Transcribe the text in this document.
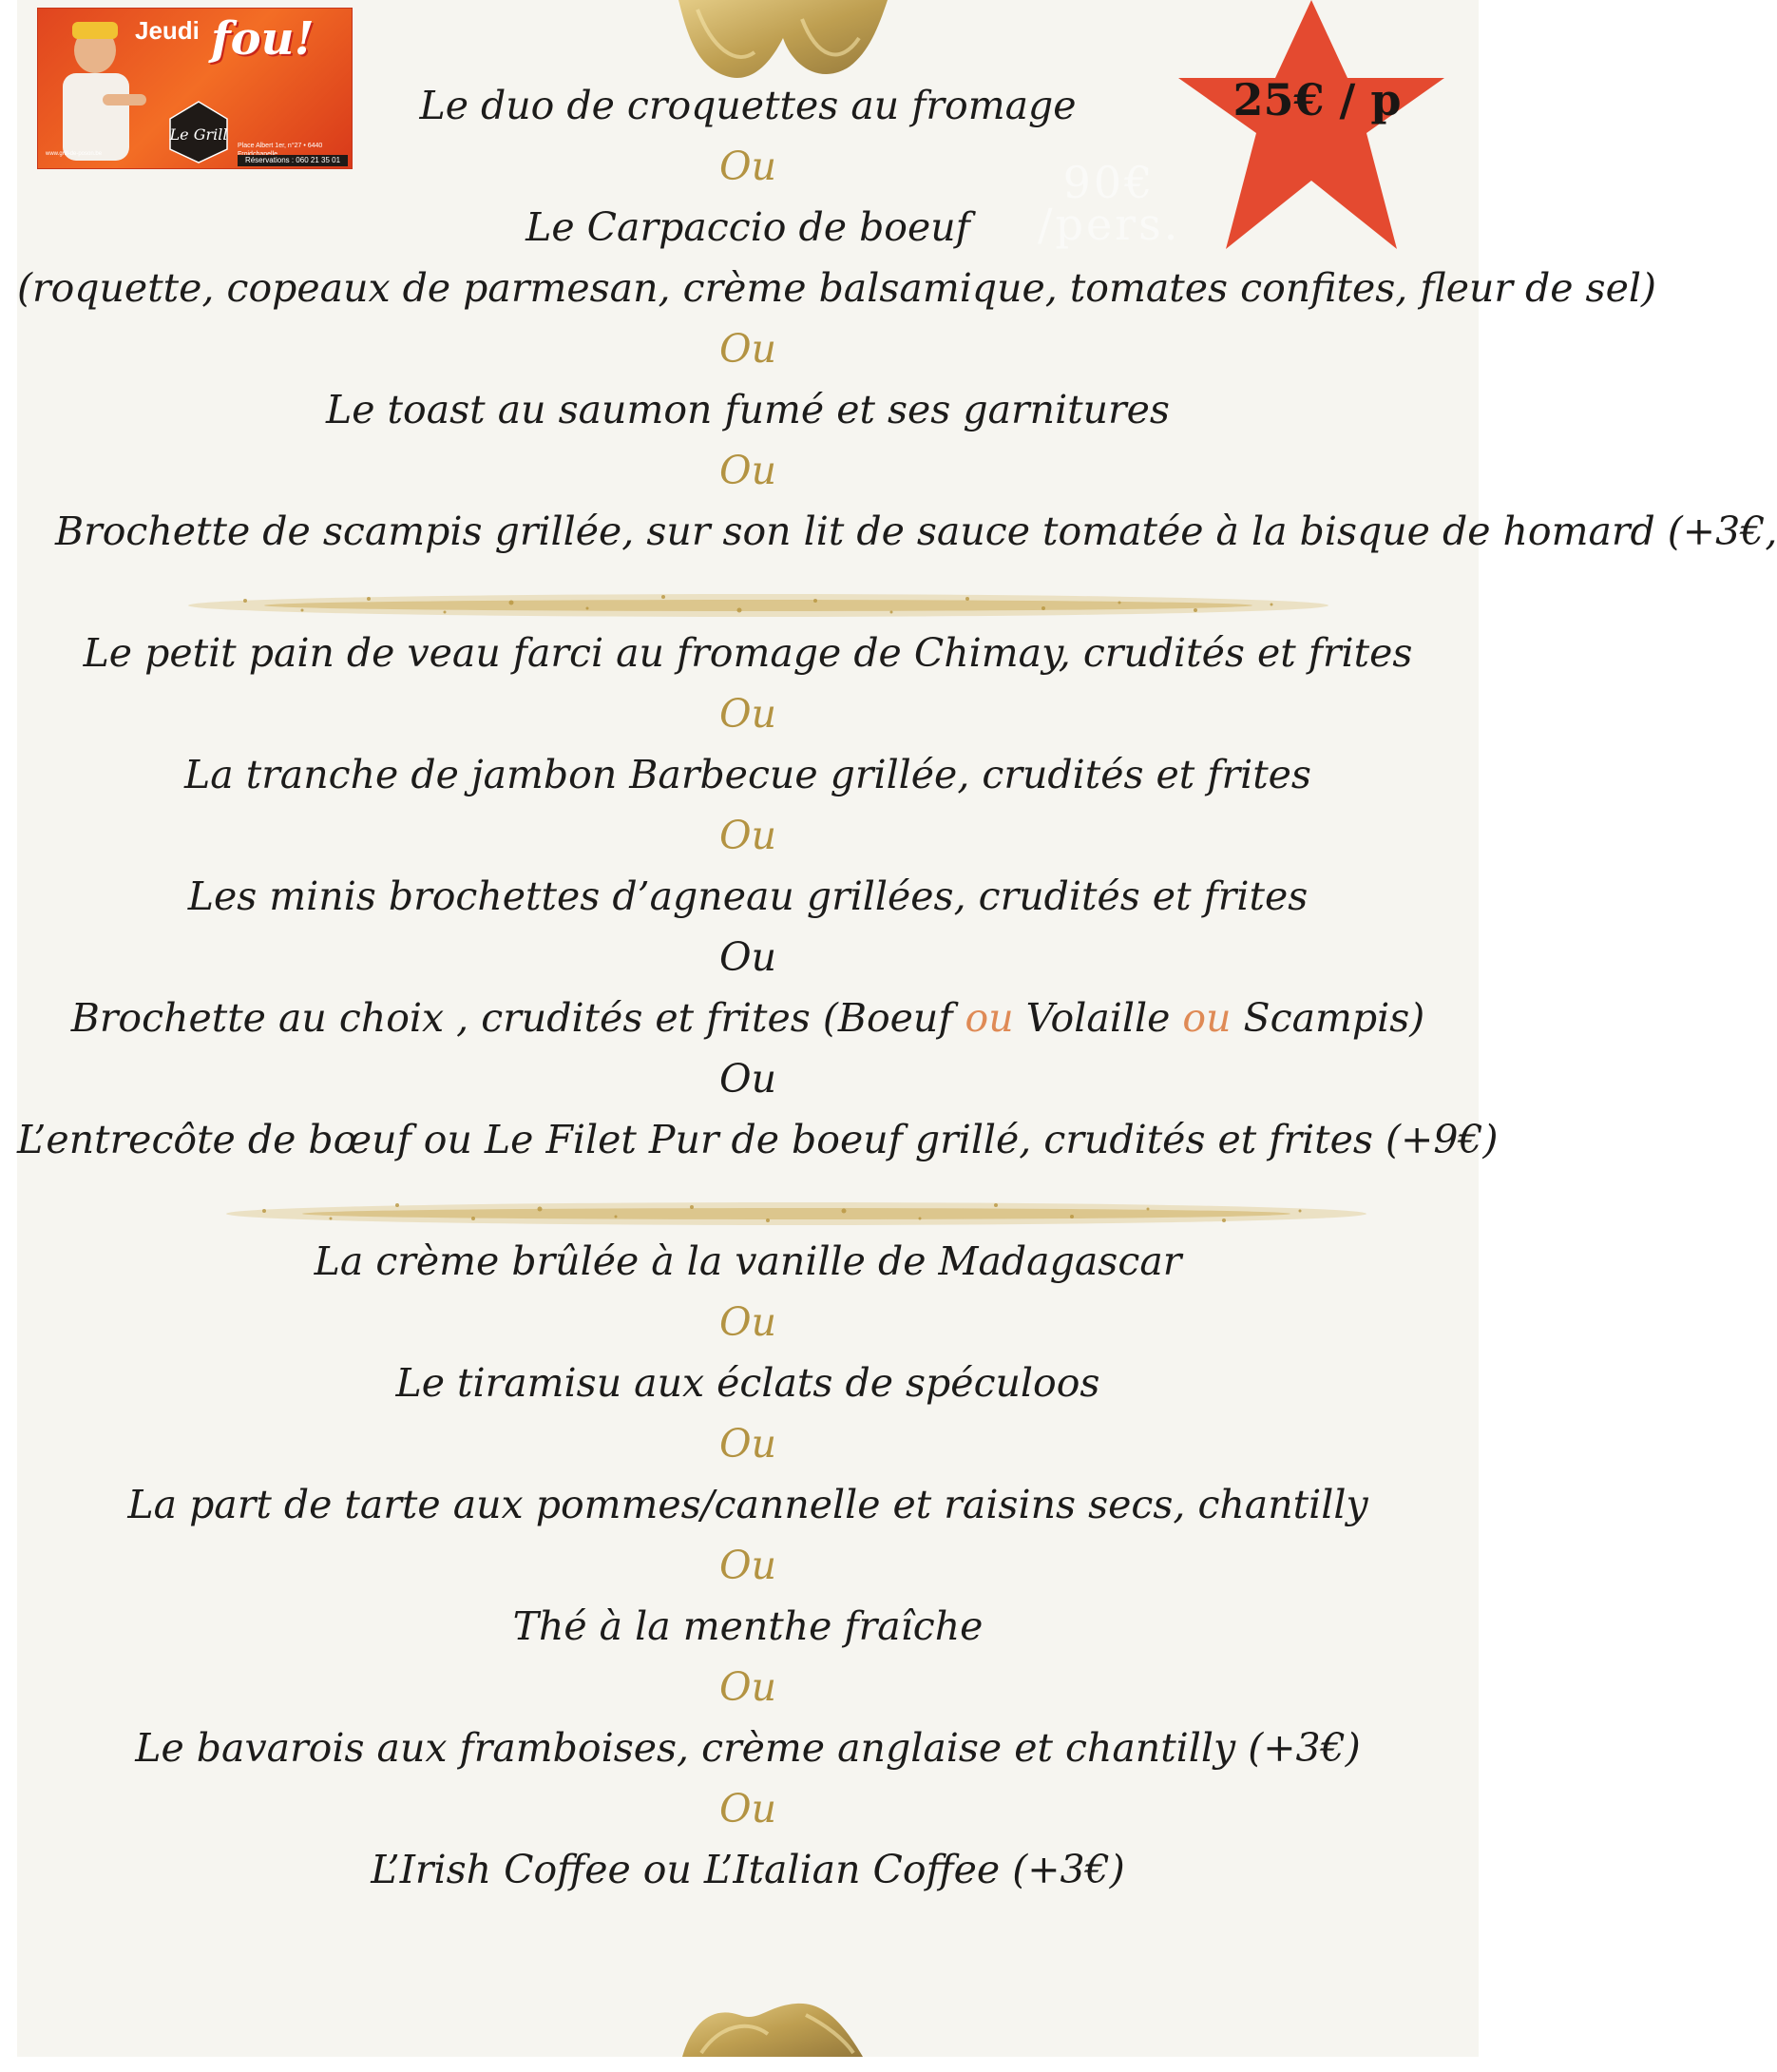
Jeudi fou!
Le Grill
Place Albert 1er, n°27 • 6440
Réservations : 060 21 35 01
www.grill-de-poson.be
25€ / p
90€
/pers.
Le duo de croquettes au fromage
Ou
Le Carpaccio de boeuf
(roquette, copeaux de parmesan, crème balsamique, tomates confites, fleur de sel)
Ou
Le toast au saumon fumé et ses garnitures
Ou
Brochette de scampis grillée, sur son lit de sauce tomatée à la bisque de homard (+3€,
Le petit pain de veau farci au fromage de Chimay, crudités et frites
Ou
La tranche de jambon Barbecue grillée, crudités et frites
Ou
Les minis brochettes d’agneau grillées, crudités et frites
Ou
Brochette au choix , crudités et frites (Boeuf ou Volaille ou Scampis)
Ou
L’entrecôte de bœuf ou Le Filet Pur de boeuf grillé, crudités et frites (+9€)
La crème brûlée à la vanille de Madagascar
Ou
Le tiramisu aux éclats de spéculoos
Ou
La part de tarte aux pommes/cannelle et raisins secs, chantilly
Ou
Thé à la menthe fraîche
Ou
Le bavarois aux framboises, crème anglaise et chantilly (+3€)
Ou
L’Irish Coffee ou L’Italian Coffee (+3€)
